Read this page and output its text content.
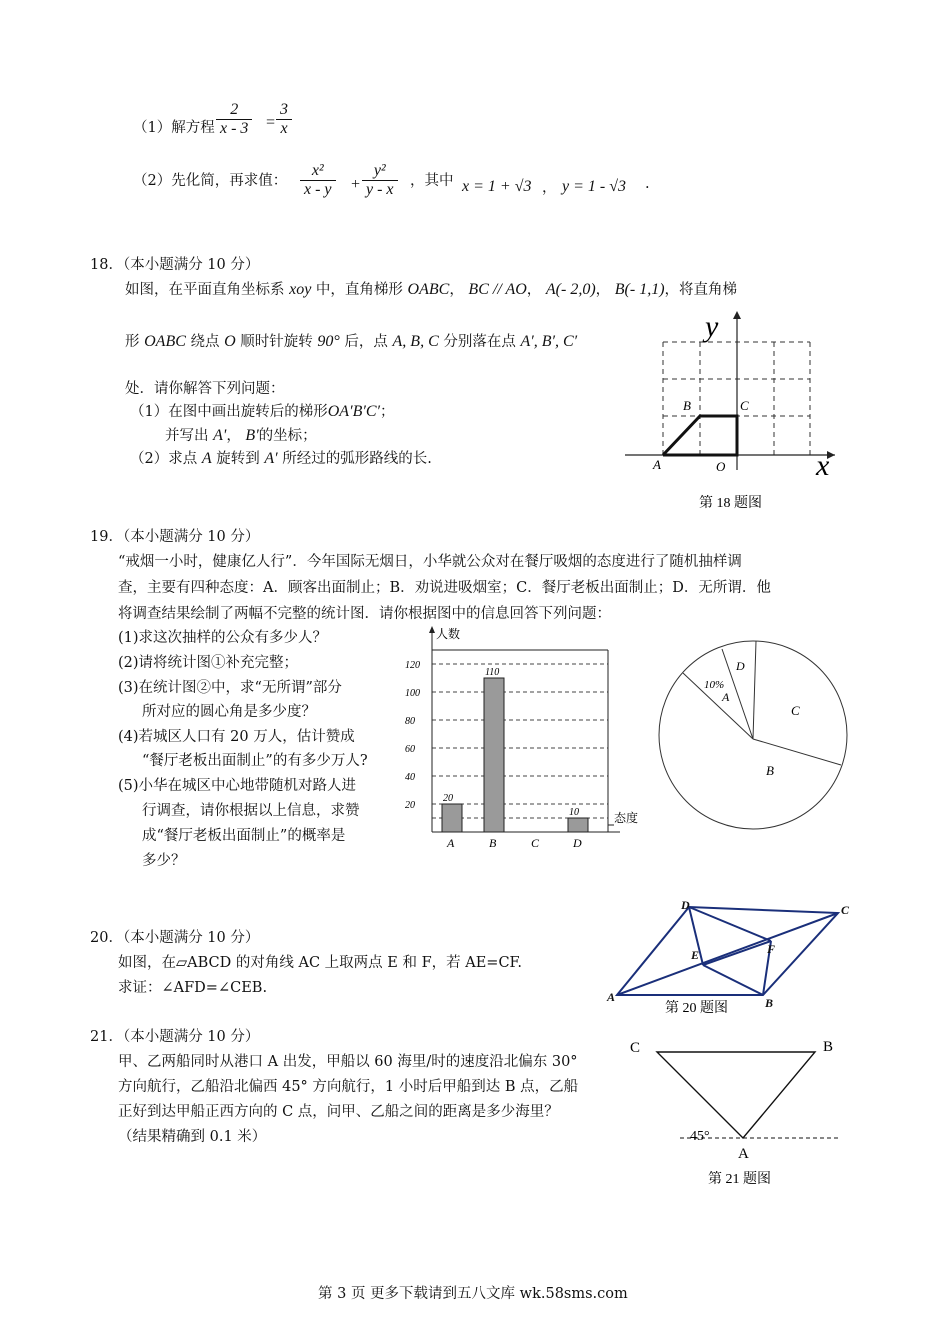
（1）解方程 $\frac{2}{x - 3} = \frac{3}{x}$
（2）先化简，再求值： $\frac{\text{x²}}{x - y} + \frac{\text{y²}}{y - x}$ ，其中 x = 1 + √3 ， y = 1 - √3 .
18．（本小题满分 10 分）
如图，在平面直角坐标系 xoy 中，直角梯形 OABC， BC // AO， A(- 2,0)， B(- 1,1)，将直角梯
形 OABC 绕点 O 顺时针旋转 90° 后，点 A, B, C 分别落在点 A′, B′, C′
处．请你解答下列问题：
（1）在图中画出旋转后的梯形OA′B′C′；
并写出 A'， B'的坐标；
（2）求点 A 旋转到 A′ 所经过的弧形路线的长.
y
x
A
B	C
O
第 18 题图
19．（本小题满分 10 分）
“戒烟一小时，健康亿人行”．今年国际无烟日，小华就公众对在餐厅吸烟的态度进行了随机抽样调
查，主要有四种态度：A．顾客出面制止；B．劝说进吸烟室；C．餐厅老板出面制止；D．无所谓．他
将调查结果绘制了两幅不完整的统计图．请你根据图中的信息回答下列问题：
(1)求这次抽样的公众有多少人？
(2)请将统计图①补充完整；
(3)在统计图②中，求“无所谓”部分
所对应的圆心角是多少度？
(4)若城区人口有 20 万人，估计赞成
“餐厅老板出面制止”的有多少万人?
(5)小华在城区中心地带随机对路人进
行调查，请你根据以上信息，求赞
成“餐厅老板出面制止”的概率是
多少？
20
40
60
80
100
120
20
A
110
B	C
10
D
人数
态度
10%
A
D
C
B
20．（本小题满分 10 分）
如图，在▱ABCD 的对角线 AC 上取两点 E 和 F，若 AE=CF.
求证：∠AFD=∠CEB.
A
D	C
B
E	F
第 20 题图
21．（本小题满分 10 分）
甲、乙两船同时从港口 A 出发，甲船以 60 海里/时的速度沿北偏东 30°
方向航行，乙船沿北偏西 45° 方向航行，1 小时后甲船到达 B 点，乙船
正好到达甲船正西方向的 C 点，问甲、乙船之间的距离是多少海里？
（结果精确到 0.1 米）
C	B
A
45°
第 21 题图
第 3 页 更多下载请到五八文库 wk.58sms.com
